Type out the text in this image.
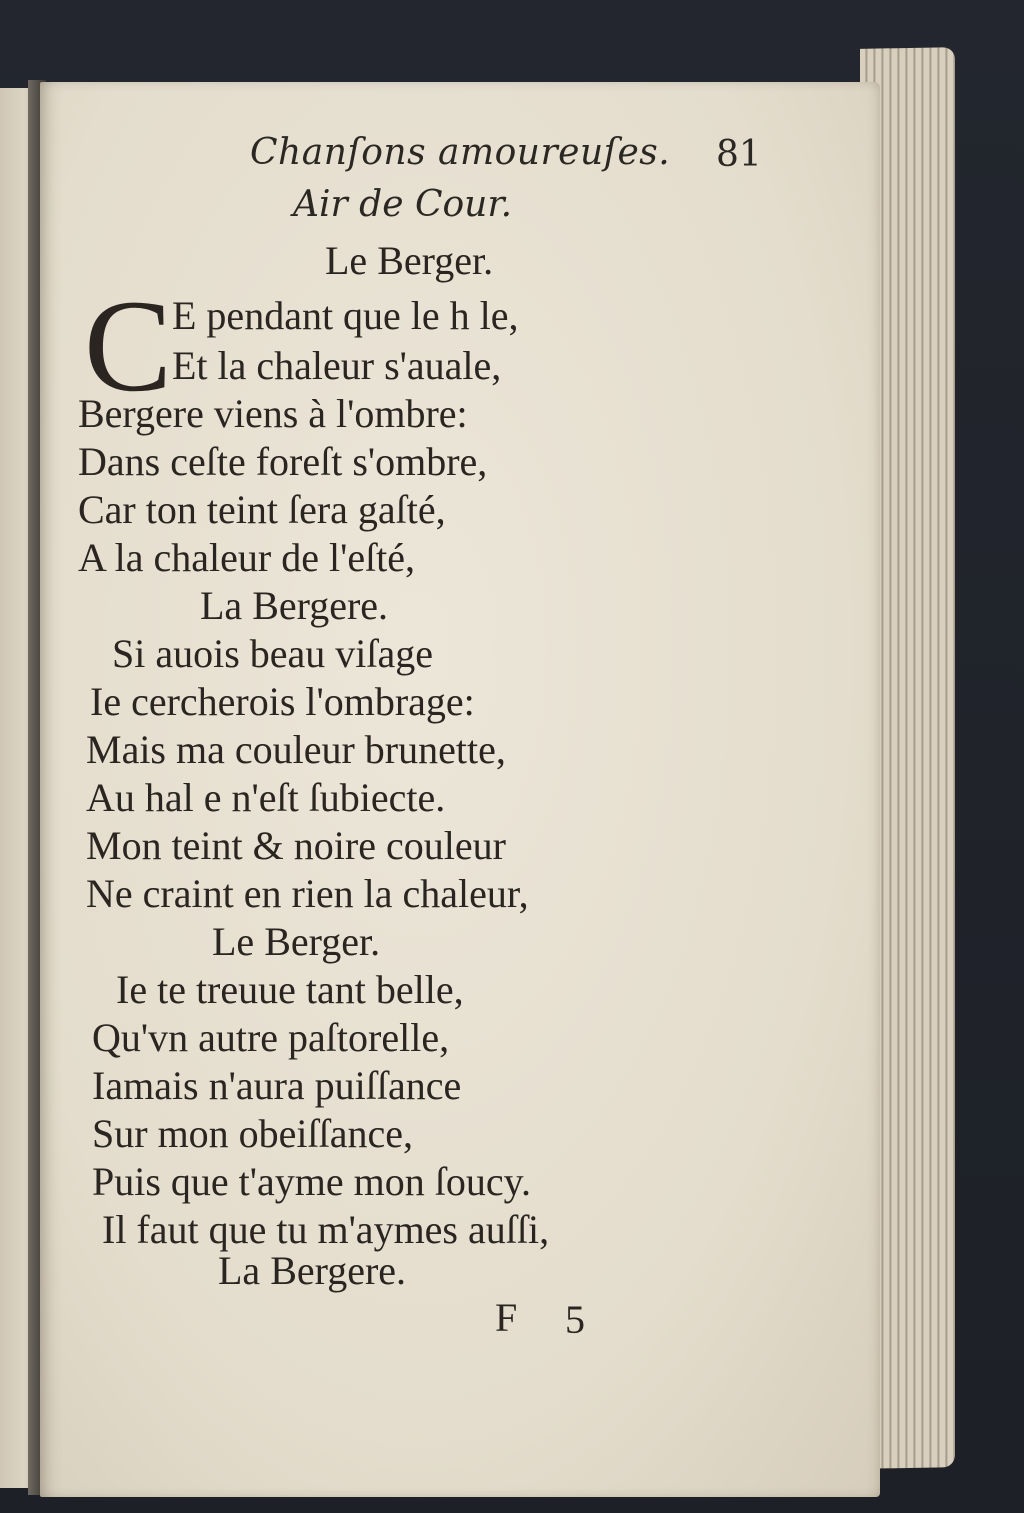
Chanſons amoureuſes. 81
Air de Cour.
Le Berger.
C E pendant que le h le,
Et la chaleur s'auale,
Bergere viens à l'ombre:
Dans ceſte foreſt s'ombre,
Car ton teint ſera gaſté,
A la chaleur de l'eſté,
La Bergere.
Si auois beau viſage
Ie cercherois l'ombrage:
Mais ma couleur brunette,
Au hal e n'eſt ſubiecte.
Mon teint & noire couleur
Ne craint en rien la chaleur,
Le Berger.
Ie te treuue tant belle,
Qu'vn autre paſtorelle,
Iamais n'aura puiſſance
Sur mon obeiſſance,
Puis que t'ayme mon ſoucy.
Il faut que tu m'aymes auſſi,
La Bergere.
F 5
